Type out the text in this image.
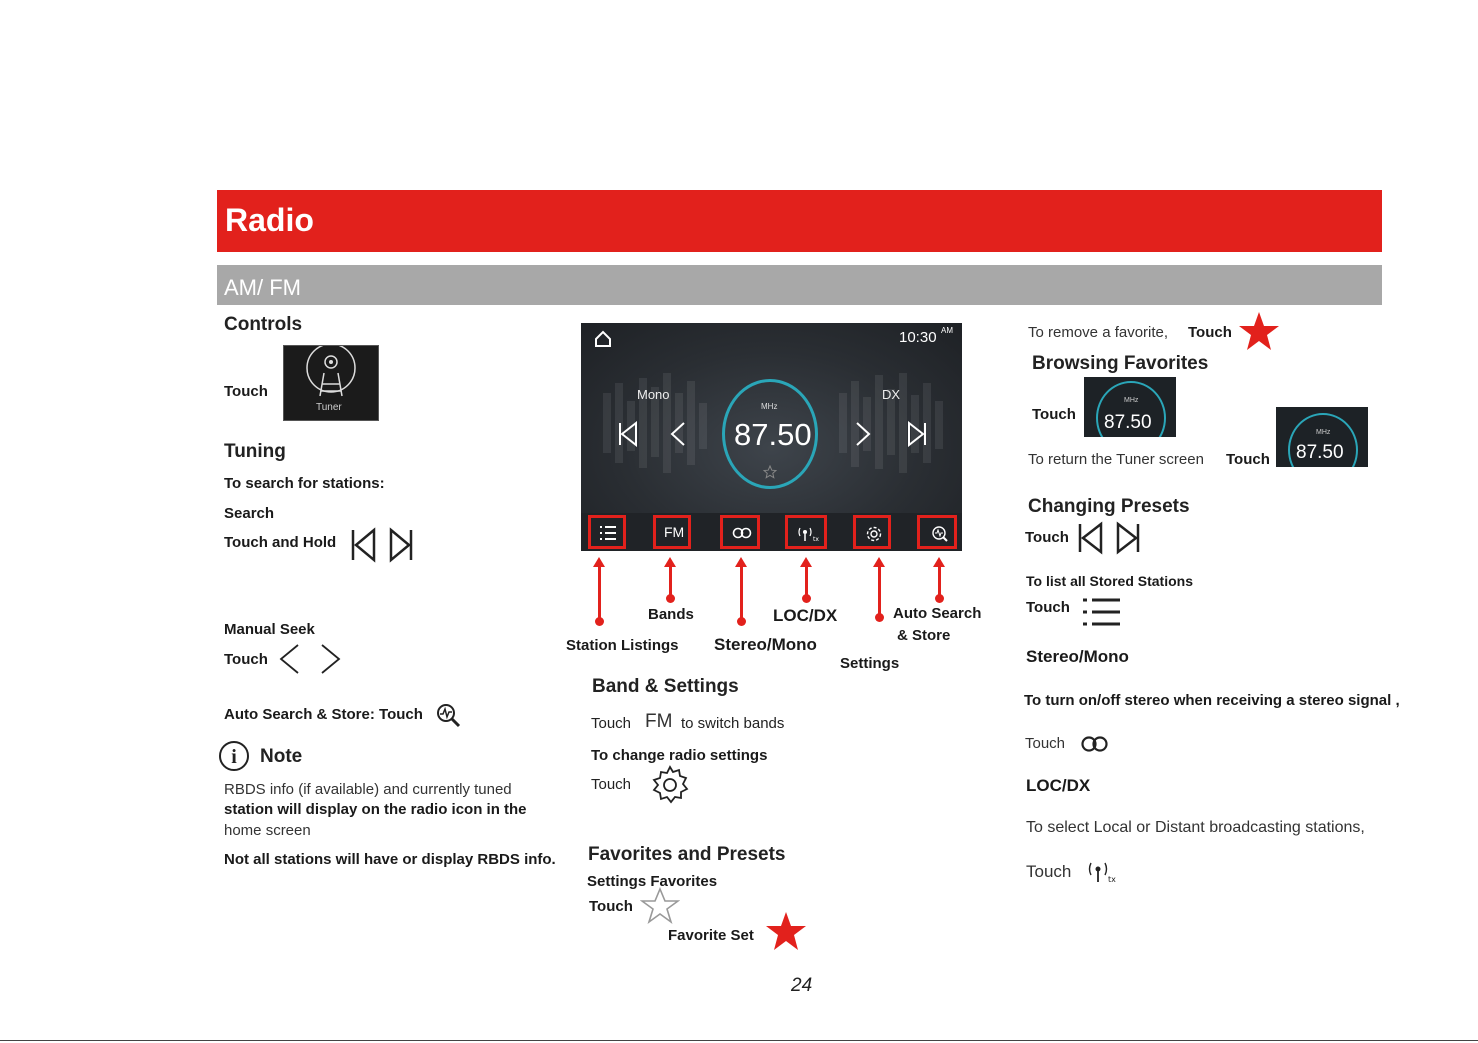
Radio
AM/ FM
Controls
Touch
Tuner
Tuning
To search for stations:
Search
Touch and Hold
Manual Seek
Touch
Auto Search & Store: Touch
i Note
RBDS info (if available) and currently tuned
station will display on the radio icon in the
home screen
Not all stations will have or display RBDS info.
10:30 AM
Mono	DX
MHz
87.50
FM	tx
Bands	LOC/DX	Auto Search
& Store
Station Listings Stereo/Mono
Settings
Band & Settings
Touch FM to switch bands
To change radio settings
Touch
Favorites and Presets
Settings Favorites
Touch
Favorite Set
To remove a favorite, Touch
Browsing Favorites
Touch
MHz
87.50
To return the Tuner screen Touch
MHz
87.50
Changing Presets
Touch
To list all Stored Stations
Touch
Stereo/Mono
To turn on/off stereo when receiving a stereo signal ,
Touch
LOC/DX
To select Local or Distant broadcasting stations,
Touch	tx
24
